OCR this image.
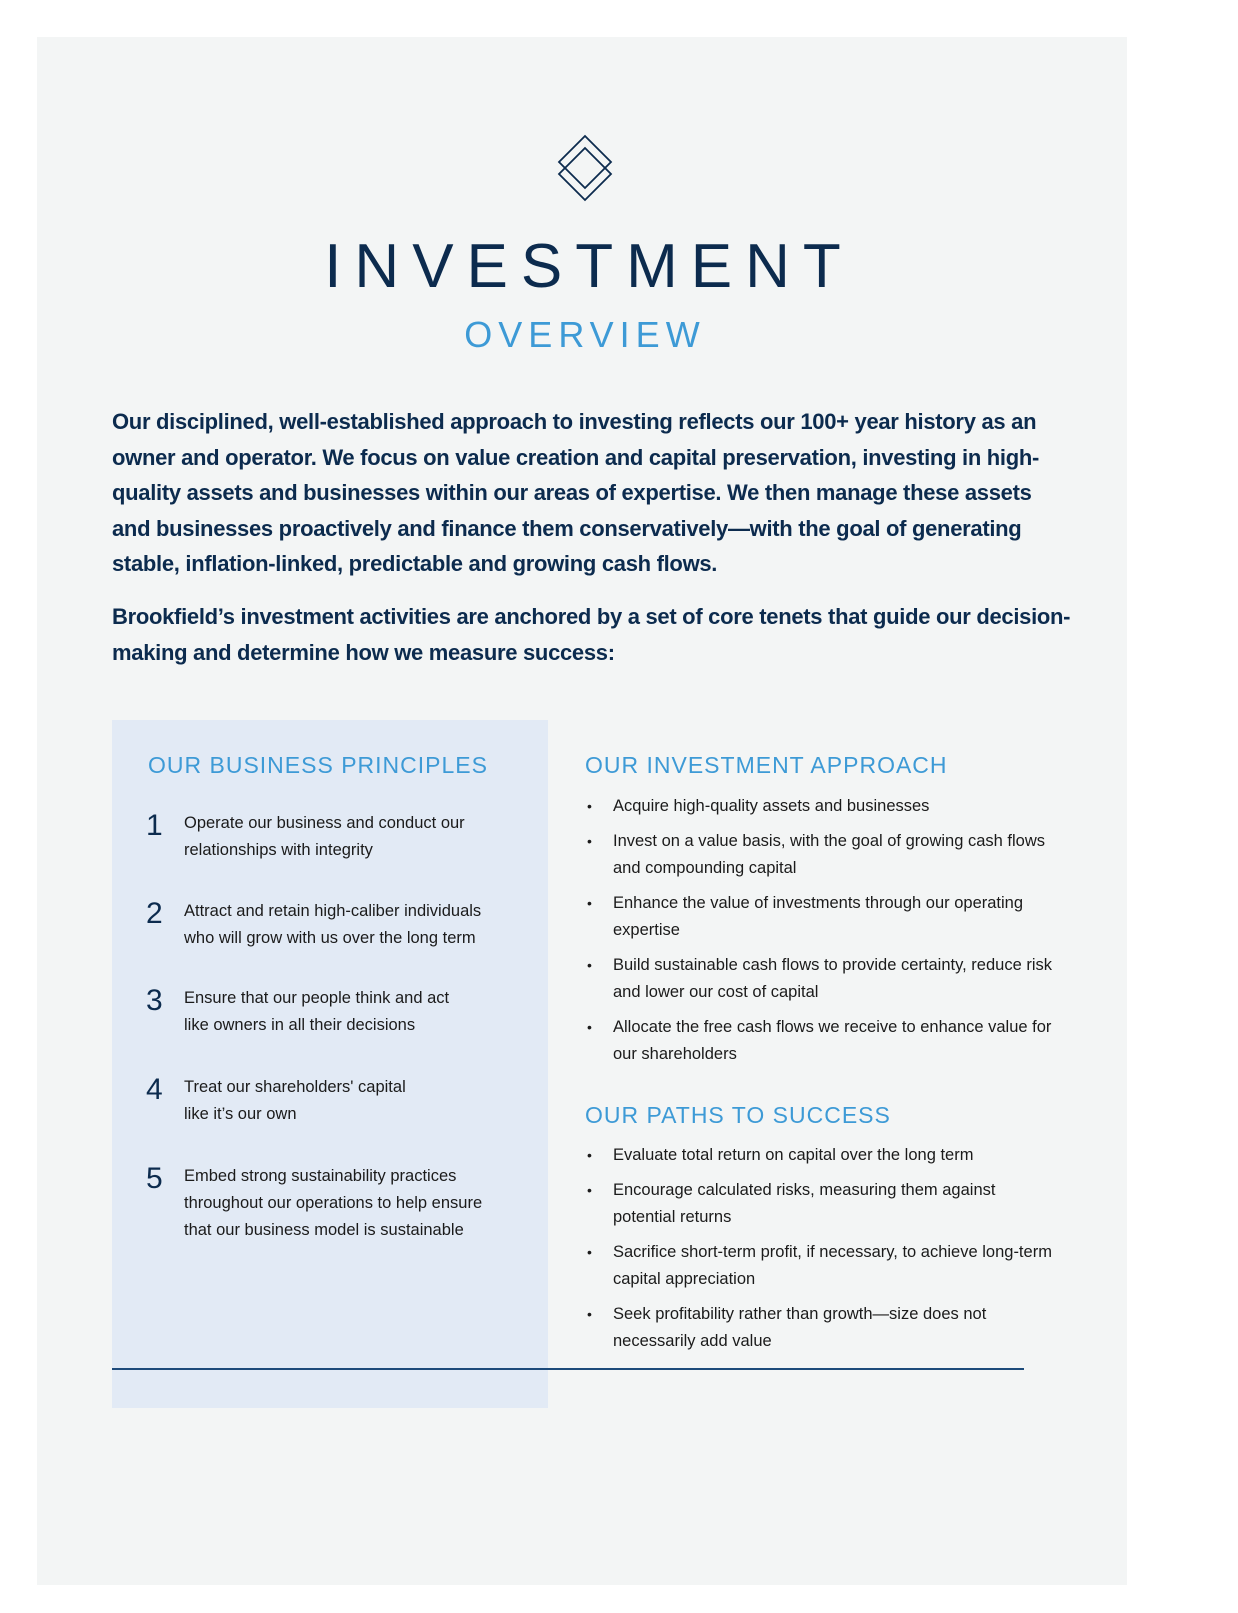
INVESTMENT
OVERVIEW

Our disciplined, well-established approach to investing reflects our 100+ year history as an owner and operator. We focus on value creation and capital preservation, investing in high-quality assets and businesses within our areas of expertise. We then manage these assets and businesses proactively and finance them conservatively—with the goal of generating stable, inflation-linked, predictable and growing cash flows.

Brookfield’s investment activities are anchored by a set of core tenets that guide our decision-making and determine how we measure success:

OUR BUSINESS PRINCIPLES
1 Operate our business and conduct our
relationships with integrity
2 Attract and retain high-caliber individuals
who will grow with us over the long term
3 Ensure that our people think and act
like owners in all their decisions
4 Treat our shareholders' capital
like it’s our own
5 Embed strong sustainability practices
throughout our operations to help ensure
that our business model is sustainable
OUR INVESTMENT APPROACH
• Acquire high-quality assets and businesses
• Invest on a value basis, with the goal of growing cash flows and compounding capital
• Enhance the value of investments through our operating expertise
• Build sustainable cash flows to provide certainty, reduce risk and lower our cost of capital
• Allocate the free cash flows we receive to enhance value for our shareholders
OUR PATHS TO SUCCESS
• Evaluate total return on capital over the long term
• Encourage calculated risks, measuring them against potential returns
• Sacrifice short-term profit, if necessary, to achieve long-term capital appreciation
• Seek profitability rather than growth—size does not necessarily add value
